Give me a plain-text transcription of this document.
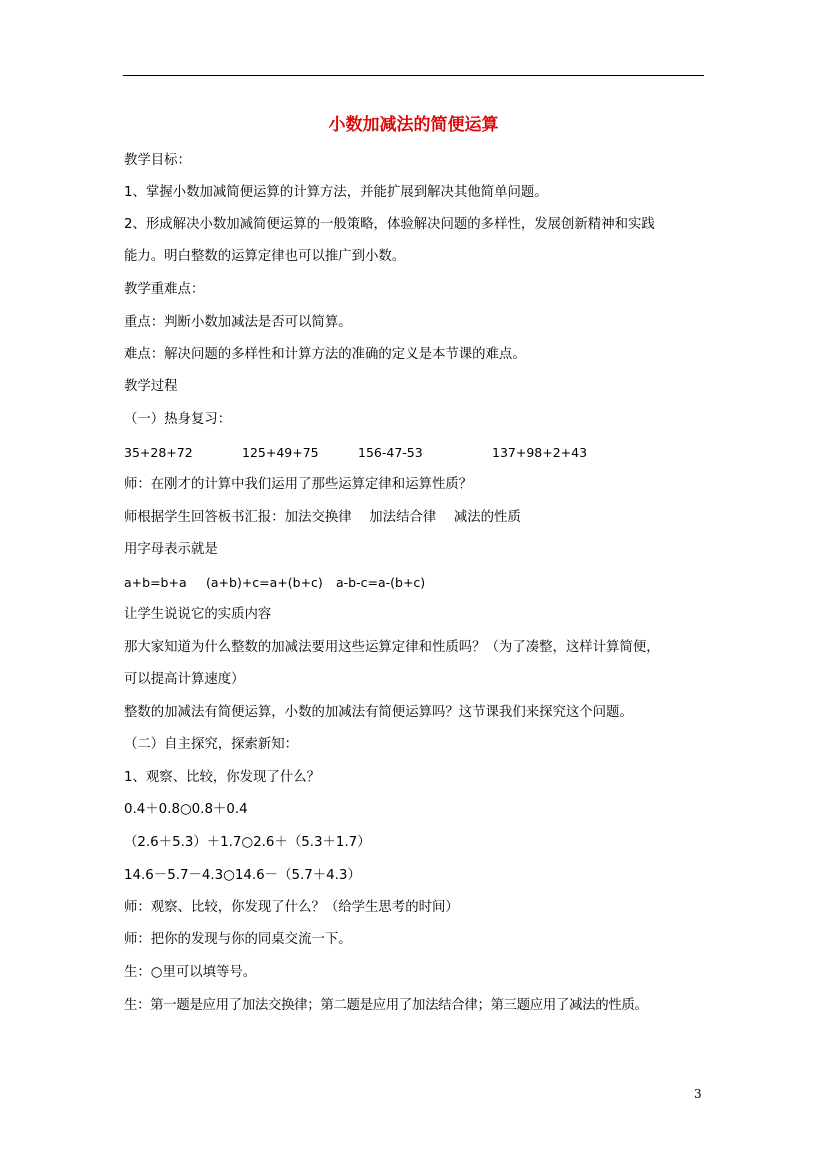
小数加减法的简便运算
教学目标：
1、掌握小数加减简便运算的计算方法，并能扩展到解决其他简单问题。
2、形成解决小数加减简便运算的一般策略，体验解决问题的多样性，发展创新精神和实践
能力。明白整数的运算定律也可以推广到小数。
教学重难点：
重点：判断小数加减法是否可以简算。
难点：解决问题的多样性和计算方法的准确的定义是本节课的难点。
教学过程
（一）热身复习：
35+28+72	125+49+75	156-47-53	137+98+2+43
师：在刚才的计算中我们运用了那些运算定律和运算性质？
师根据学生回答板书汇报：加法交换律　 加法结合律　 减法的性质
用字母表示就是
a+b=b+a (a+b)+c=a+(b+c) a-b-c=a-(b+c)
让学生说说它的实质内容
那大家知道为什么整数的加减法要用这些运算定律和性质吗？（为了凑整，这样计算简便，
可以提高计算速度）
整数的加减法有简便运算，小数的加减法有简便运算吗？这节课我们来探究这个问题。
（二）自主探究，探索新知：
1、观察、比较，你发现了什么？
0.4＋0.8○0.8＋0.4
（2.6＋5.3）＋1.7○2.6＋（5.3＋1.7）
14.6－5.7－4.3○14.6－（5.7＋4.3）
师：观察、比较，你发现了什么？（给学生思考的时间）
师：把你的发现与你的同桌交流一下。
生：○里可以填等号。
生：第一题是应用了加法交换律；第二题是应用了加法结合律；第三题应用了减法的性质。
3
